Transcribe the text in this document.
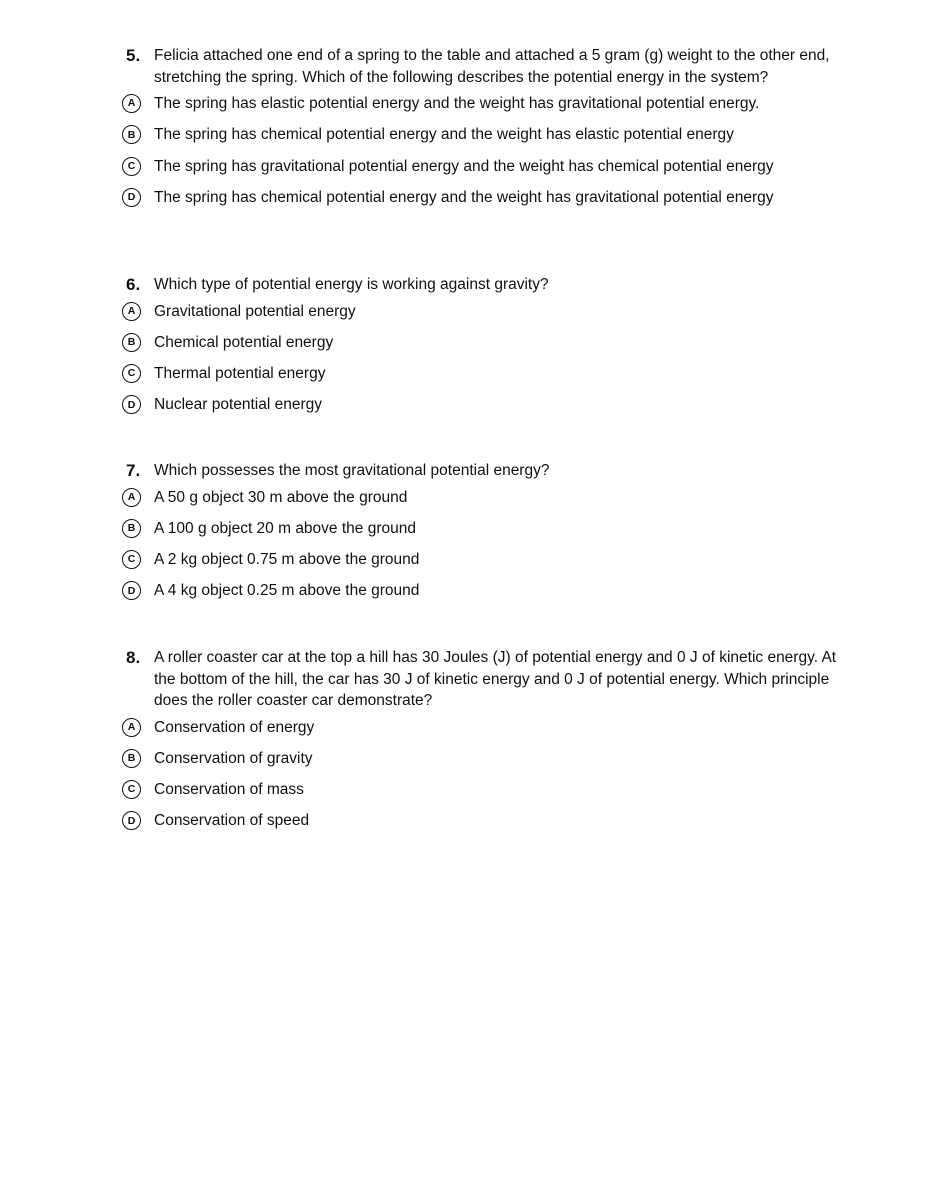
5. Felicia attached one end of a spring to the table and attached a 5 gram (g) weight to the other end, stretching the spring. Which of the following describes the potential energy in the system?
A	The spring has elastic potential energy and the weight has gravitational potential energy.
B	The spring has chemical potential energy and the weight has elastic potential energy
C	The spring has gravitational potential energy and the weight has chemical potential energy
D	The spring has chemical potential energy and the weight has gravitational potential energy
6. Which type of potential energy is working against gravity?
A	Gravitational potential energy
B	Chemical potential energy
C	Thermal potential energy
D	Nuclear potential energy
7. Which possesses the most gravitational potential energy?
A	A 50 g object 30 m above the ground
B	A 100 g object 20 m above the ground
C	A 2 kg object 0.75 m above the ground
D	A 4 kg object 0.25 m above the ground
8. A roller coaster car at the top a hill has 30 Joules (J) of potential energy and 0 J of kinetic energy. At the bottom of the hill, the car has 30 J of kinetic energy and 0 J of potential energy. Which principle does the roller coaster car demonstrate?
A	Conservation of energy
B	Conservation of gravity
C	Conservation of mass
D	Conservation of speed
